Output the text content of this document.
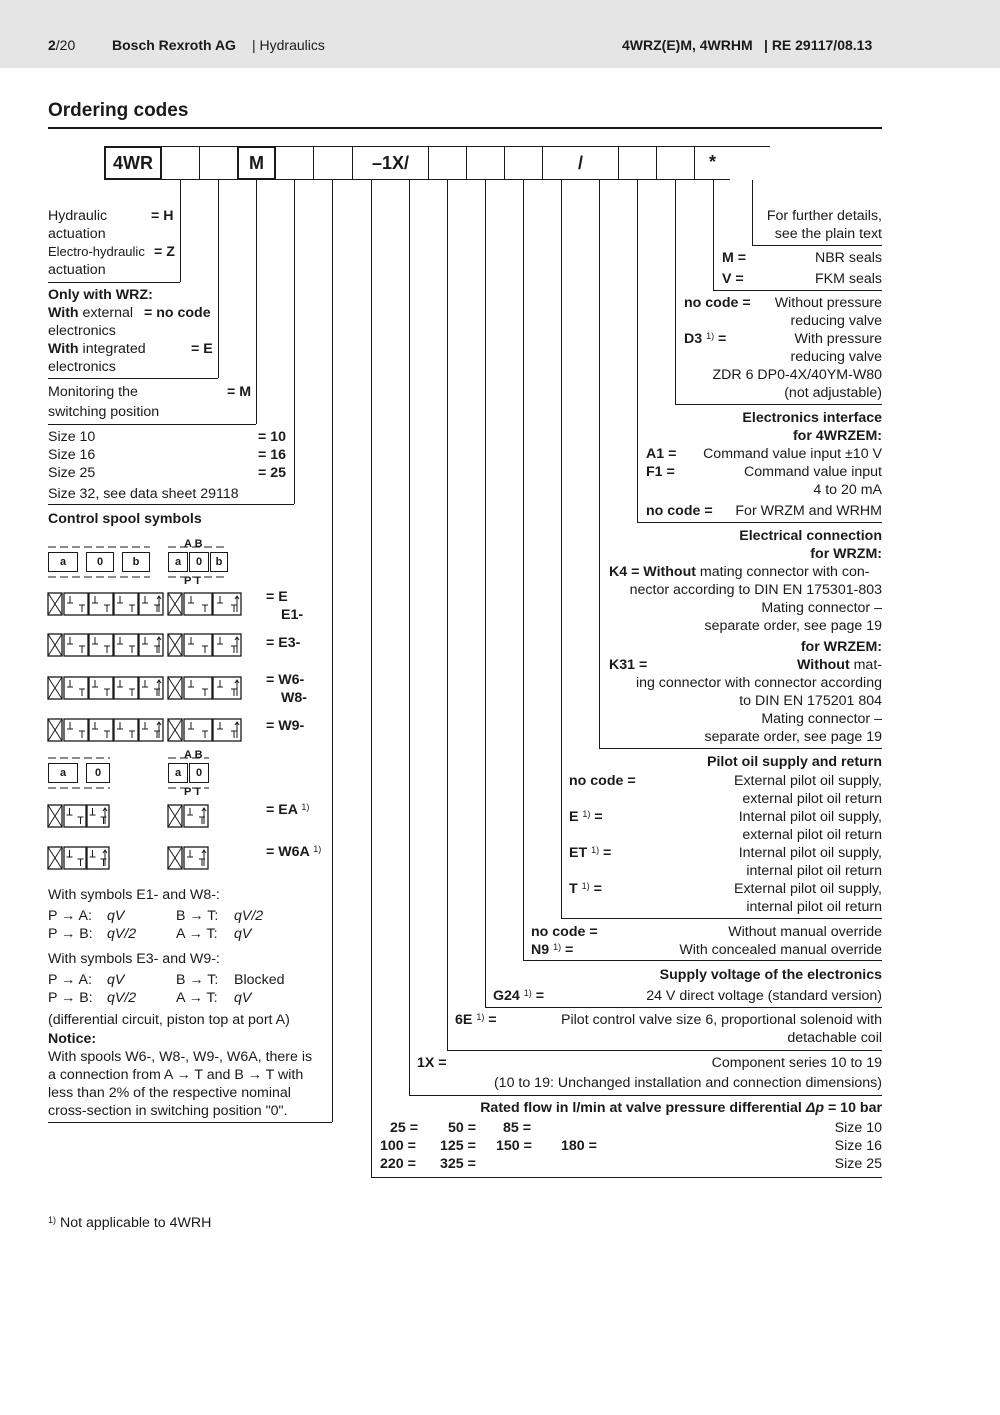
2/20	Bosch Rexroth AG | Hydraulics	4WRZ(E)M, 4WRHM | RE 29117/08.13
Ordering codes
4WR	M	–1X/	/	*
Hydraulic	= H
actuation
Electro-hydraulic = Z
actuation
Only with WRZ:
With external = no code
electronics
With integrated	= E
electronics
Monitoring the	= M
switching position
Size 10	= 10
Size 16	= 16
Size 25	= 25
Size 32, see data sheet 29118
Control spool symbols
A B
a	0	b	a	0	b
P T
= E
E1-
= E3-
= W6-
W8-
= W9-
A B
a	0	a	0
P T
= EA $^{1)}$
= W6A $^{1)}$
With symbols E1- and W8-:
P → A: qV	B → T: qV/2
P → B: qV/2	A → T: qV
With symbols E3- and W9-:
P → A: qV	B → T: Blocked
P → B: qV/2	A → T: qV
(differential circuit, piston top at port A)
Notice:
With spools W6-, W8-, W9-, W6A, there is
a connection from A → T and B → T with
less than 2% of the respective nominal
cross-section in switching position "0".
For further details,
see the plain text
M =	NBR seals
V =	FKM seals
no code = Without pressure
reducing valve
D3 $^{1)}$ =	With pressure
reducing valve
ZDR 6 DP0-4X/40YM-W80
(not adjustable)
Electronics interface
for 4WRZEM:
A1 = Command value input ±10 V
F1 =	Command value input
4 to 20 mA
no code = For WRZM and WRHM
Electrical connection
for WRZM:
K4 = Without mating connector with con-
nector according to DIN EN 175301-803
Mating connector –
separate order, see page 19
for WRZEM:
K31 =	Without mat-
ing connector with connector according
to DIN EN 175201 804
Mating connector –
separate order, see page 19
Pilot oil supply and return
no code =	External pilot oil supply,
external pilot oil return
E $^{1)}$ =	Internal pilot oil supply,
external pilot oil return
ET $^{1)}$ =	Internal pilot oil supply,
internal pilot oil return
T $^{1)}$ =	External pilot oil supply,
internal pilot oil return
no code =	Without manual override
N9 $^{1)}$ =	With concealed manual override
Supply voltage of the electronics
G24 $^{1)}$ =	24 V direct voltage (standard version)
6E $^{1)}$ =	Pilot control valve size 6, proportional solenoid with
detachable coil
1X =	Component series 10 to 19
(10 to 19: Unchanged installation and connection dimensions)
Rated flow in l/min at valve pressure differential Δp = 10 bar
25 = 50 = 85 =	Size 10
100 = 125 = 150 = 180 =	Size 16
220 = 325 =	Size 25
$^{1)}$ Not applicable to 4WRH
